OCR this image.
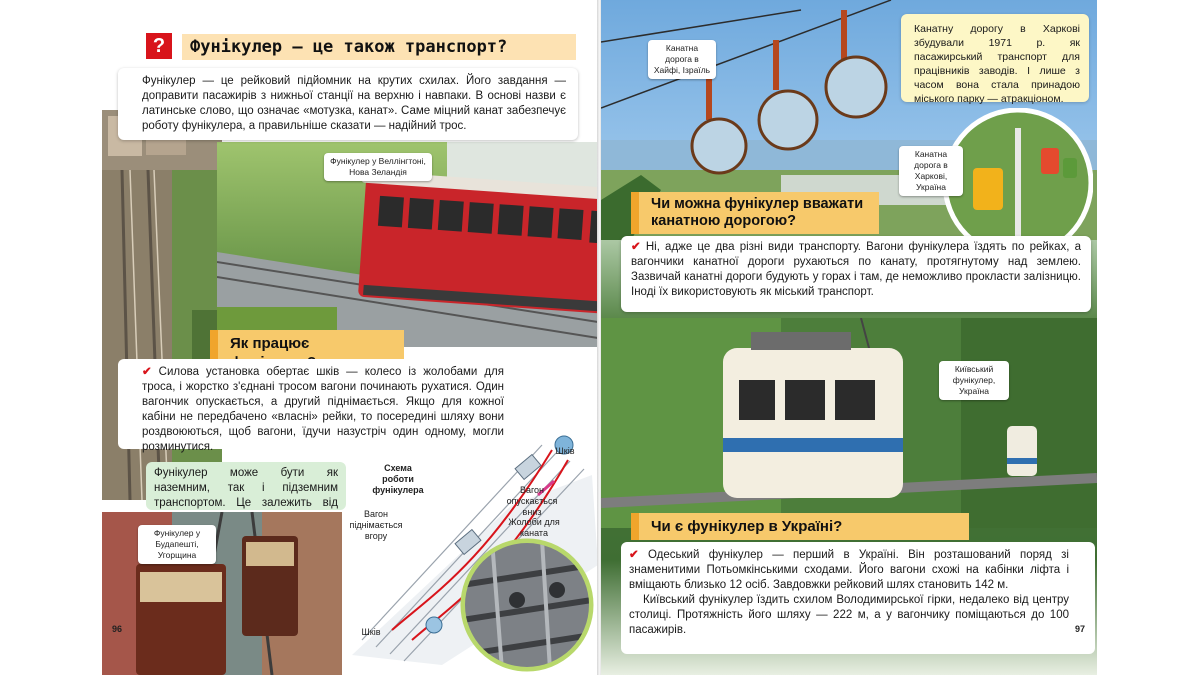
Фунікулер у Веллінгтоні, Нова Зеландія
?	Фунікулер — це також транспорт?
Фунікулер — це рейковий підйомник на крутих схилах. Його завдання — доправити пасажирів з нижньої станції на верхню і навпаки. В основі назви є латинське слово, що означає «мотузка, канат». Саме міцний канат забезпечує роботу фунікулера, а правильніше сказати — надійний трос.
Як працює
✔ Силова установка обертає шків — колесо із жолобами для троса, і жорстко з'єднані тросом вагони починають рухатися. Один вагончик опускається, а другий піднімається. Якщо для кожної кабіни не передбачено «власні» рейки, то посередині шляху вони роздвоюються, щоб вагони, їдучи назустріч один одному, могли розминутися.
Фунікулер може бути як наземним, так і підземним транспортом. Це залежить від
Фунікулер у Будапешті, Угорщина
96
Схема роботи фунікулера
Шків
Вагон опускається вниз
Вагон піднімається вгору
Жолоби для каната
Шків
Канатна дорога в Хайфі, Ізраїль
Канатну дорогу в Харкові збудували 1971 р. як пасажирський транспорт для працівників заводів. І лише з часом вона стала принадою міського парку — атракціоном.
Канатна дорога в Харкові, Україна
Чи можна фунікулер вважати
канатною дорогою?
✔ Ні, адже це два різні види транспорту. Вагони фунікулера їздять по рейках, а вагончики канатної дороги рухаються по канату, протягнутому над землею. Зазвичай канатні дороги будують у горах і там, де неможливо прокласти залізницю. Іноді їх використовують як міський транспорт.
Київський фунікулер, Україна
Чи є фунікулер в Україні?
✔ Одеський фунікулер — перший в Україні. Він розташований поряд зі знаменитими Потьомкінськими сходами. Його вагони схожі на кабінки ліфта і вміщають близько 12 осіб. Завдовжки рейковий шлях становить 142 м.
Київський фунікулер їздить схилом Володимирської гірки, недалеко від центру столиці. Протяжність його шляху — 222 м, а у вагончику поміщаються до 100 пасажирів.	97
